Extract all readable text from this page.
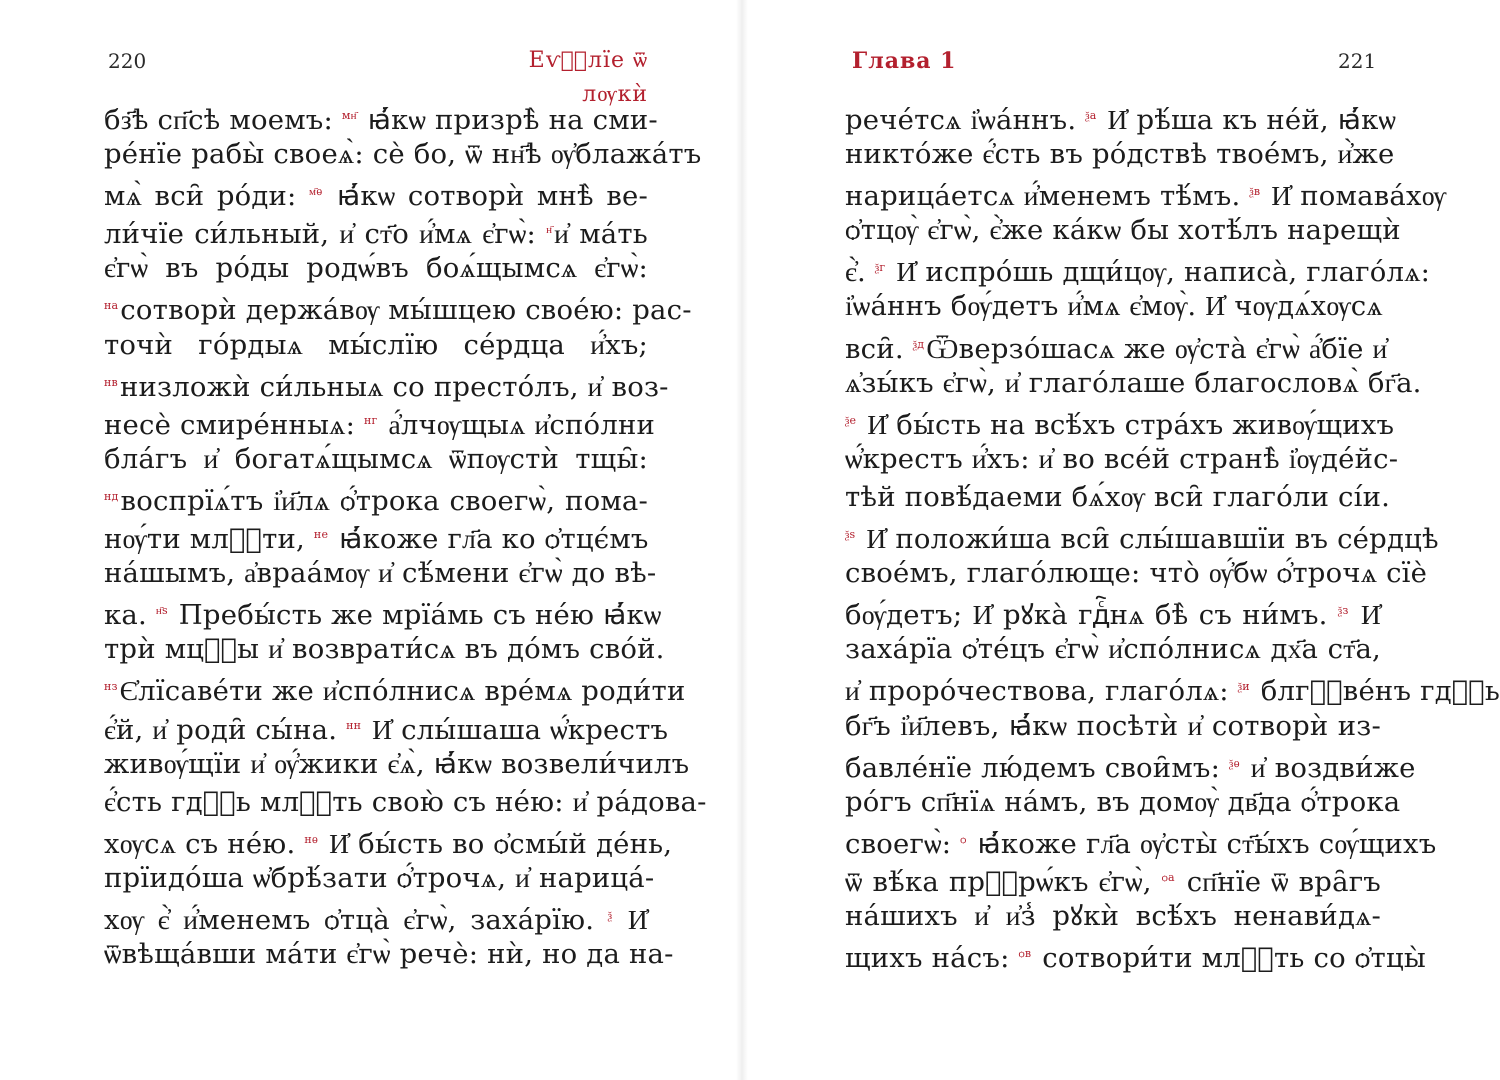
220	Еѵⷢ҇лїе ѿ лѹкѝ
бз҃ѣ сп҃сѣ моемъ: $^{мн҃}$ ꙗ҆́кѡ призрѣ̀ на сми-
ре́нїе рабы̀ своеѧ̀: сѐ бо, ѿ нн҃ѣ ѹ҆блажа́тъ
мѧ̀ вси̑ ро́ди: $^{м҃ѳ}$ ꙗ҆́кѡ сотворѝ мнѣ̀ ве-
ли́чїе си́льный, и҆ ст҃о и҆́мѧ є҆гѡ̀: $^{н҃}$и҆ ма́ть
є҆гѡ̀ въ ро́ды родѡ́въ боѧ́щымсѧ є҆гѡ̀:
$^{на}$сотворѝ держа́вѹ мы́шцею свое́ю: рас-
точѝ го́рдыѧ мы́слїю се́рдца и҆́хъ;
$^{нв}$низложѝ си́льныѧ со престо́лъ, и҆ воз-
несѐ смире́нныѧ: $^{нг}$ а҆́лчѹщыѧ и҆спо́лни
бла́гъ и҆ богатѧ́щымсѧ ѿпѹстѝ тщы̑:
$^{нд}$воспрїѧ́тъ і҆и҃лѧ ѻ҆́трока своегѡ̀, пома-
нѹ́ти млⷭ҇ти, $^{не}$ ꙗ҆́коже гл҃а ко ѻ҆тцє́мъ
на́шымъ, а҆враа́мѹ и҆ сѣ́мени є҆гѡ̀ до вѣ-
ка. $^{н҃ѕ}$ Пребы́сть же мрїа́мь съ не́ю ꙗ҆́кѡ
трѝ мцⷭ҇ы и҆ возврати́сѧ въ до́мъ сво́й.
$^{нз}$Є҆лїсаве́ти же и҆спо́лнисѧ вре́мѧ роди́ти
є҆́й, и҆ роди̑ сы́на. $^{нн}$ И҆ слы́шаша ѡ҆́крестъ
живѹ́щїи и҆ ѹ҆́жики є҆ѧ̀, ꙗ҆́кѡ возвели́чилъ
є҆́сть гдⷭ҇ь млⷭ҇ть свою̀ съ не́ю: и҆ ра́дова-
хѹсѧ съ не́ю. $^{нѳ}$ И҆ бы́сть во ѻ҆смы́й де́нь,
прїидо́ша ѡ҆брѣ́зати ѻ҆́трочѧ, и҆ нарица́-
хѹ є҆̀ и҆́менемъ ѻ҆тца̀ є҆гѡ̀, заха́рїю. $^ѯ$ И҆
ѿвѣща́вши ма́ти є҆гѡ̀ речѐ: нѝ, но да на-
Глава 1	221
рече́тсѧ і҆ѡа́ннъ. $^{ѯа}$ И҆ рѣ́ша къ не́й, ꙗ҆́кѡ
никто́же є҆́сть въ ро́дствѣ твое́мъ, и҆̀же
нарица́етсѧ и҆́менемъ тѣ́мъ. $^{ѯв}$ И҆ помава́хѹ
ѻ҆тцѹ̀ є҆гѡ̀, є҆̀же ка́кѡ бы хотѣ́лъ нарещѝ
є҆̀. $^{ѯг}$ И҆ испро́шь дщи́цѹ, написа̀, глаго́лѧ:
і҆ѡа́ннъ бѹ́детъ и҆́мѧ є҆мѹ̀. И҆ чѹдѧ́хѹсѧ
вси̑. $^{ѯд}$Ѿверзо́шасѧ же ѹ҆ста̀ є҆гѡ̀ а҆́бїе и҆
ѧ҆зы́къ є҆гѡ̀, и҆ глаго́лаше благословѧ̀ бг҃а.
$^{ѯе}$ И҆ бы́сть на всѣ́хъ стра́хъ живѹ́щихъ
ѡ҆́крестъ и҆́хъ: и҆ во все́й странѣ̀ і҆ѹде́йс-
тѣй повѣ́даеми бѧ́хѹ вси̑ глаго́ли сі́и.
$^{ѯѕ}$ И҆ положи́ша вси̑ слы́шавшїи въ се́рдцѣ
свое́мъ, глаго́люще: что̀ ѹ҆́бѡ ѻ҆́трочѧ сїѐ
бѹ́детъ; И҆ рꙋка̀ гдⷭ҇нѧ бѣ̀ съ ни́мъ. $^{ѯз}$ И҆
заха́рїа ѻ҆те́цъ є҆гѡ̀ и҆спо́лнисѧ дх҃а ст҃а,
и҆ проро́чествова, глаго́лѧ: $^{ѯи}$ блгⷭ҇ве́нъ гдⷭ҇ь
бг҃ъ і҆и҃левъ, ꙗ҆́кѡ посѣтѝ и҆ сотворѝ из-
бавле́нїе лю́демъ свои̑мъ: $^{ѯѳ}$ и҆ воздви́же
ро́гъ сп҃нїѧ на́мъ, въ домѹ̀ дв҃да ѻ҆́трока
своегѡ̀: $^ѻ$ ꙗ҆́коже гл҃а ѹ҆сты̀ ст҃ы́хъ сѹ́щихъ
ѿ вѣ́ка прⷪ҇рѡ́къ є҆гѡ̀, $^{ѻа}$ сп҃нїе ѿ вра̑гъ
на́шихъ и҆ и҆з̾ рꙋкѝ всѣ́хъ ненави́дѧ-
щихъ на́съ: $^{ѻв}$ сотвори́ти млⷭ҇ть со ѻ҆тцы̀
